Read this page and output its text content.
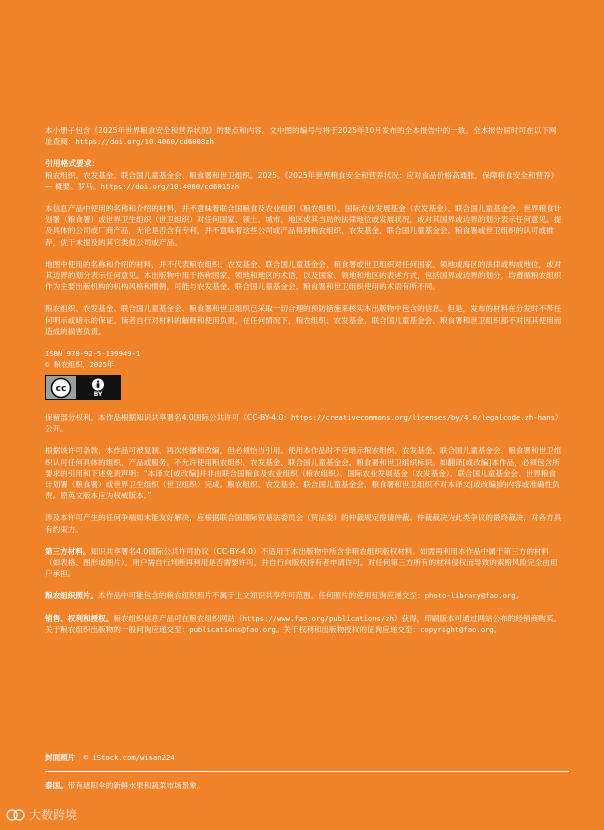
本小册子包含《2025年世界粮食安全和营养状况》的要点和内容。文中图的编号与将于2025年10月发布的全本报告中的一致。全本报告届时可在以下网址查阅：https://doi.org/10.4060/cd6008zh

引用格式要求：
粮农组织、农发基金、联合国儿童基金会、粮食署和世卫组织。2025。《2025年世界粮食安全和营养状况：应对食品价格高通胀，保障粮食安全和营养》 — 概要。罗马。https://doi.org/10.4060/cd6015zh

本信息产品中使用的名称和介绍的材料，并不意味着联合国粮食及农业组织（粮农组织）、国际农业发展基金（农发基金）、联合国儿童基金会、世界粮食计划署（粮食署）或世界卫生组织（世卫组织）对任何国家、领土、城市、地区或其当局的法律地位或发展状况，或对其国界或边界的划分表示任何意见。提及具体的公司或厂商产品，无论是否含有专利，并不意味着这些公司或产品得到粮农组织、农发基金、联合国儿童基金会、粮食署或世卫组织的认可或推荐，优于未提及的其它类似公司或产品。

地图中使用的名称和介绍的材料，并不代表粮农组织、农发基金、联合国儿童基金会、粮食署或世卫组织对任何国家、领地或海区的法律或构成地位，或对其边界的划分表示任何意见。本出版物中用于指称国家、领地和地区的术语，以及国家、领地和地区的表述方式，包括国界或边界的划分，均遵循粮农组织作为主要出版机构的机构风格和惯例，可能与农发基金、联合国儿童基金会、粮食署和世卫组织使用的术语有所不同。

粮农组织、农发基金、联合国儿童基金会、粮食署和世卫组织已采取一切合理的预防措施来核实本出版物中包含的信息。但是，发布的材料在分发时不带任何明示或暗示的保证。读者自行对材料的解释和使用负责。在任何情况下，粮农组织、农发基金、联合国儿童基金会、粮食署和世卫组织都不对因其使用而造成的损害负责。

ISBN 978-92-5-139949-1
© 粮农组织，2025年
cc
BY

保留部分权利。本作品根据知识共享署名4.0国际公共许可（CC-BY-4.0：https://creativecommons.org/licenses/by/4.0/legalcode.zh-hans）公开。

根据该许可条款，本作品可被复制、再次传播和改编，但必须恰当引用。使用本作品时不应暗示粮农组织、农发基金、联合国儿童基金会、粮食署和世卫组织认可任何具体的组织、产品或服务。不允许使用粮农组织、农发基金、联合国儿童基金会、粮食署和世卫组织标识。如翻译[或改编]本作品，必须包含所要求的引用和下述免责声明：“本译文[或改编]并非由联合国粮食及农业组织（粮农组织）、国际农业发展基金（农发基金）、联合国儿童基金会、世界粮食计划署（粮食署）或世界卫生组织（世卫组织）完成。粮农组织、农发基金、联合国儿童基金会、粮食署和世卫组织不对本译文[或改编]的内容或准确性负责。原英文版本应为权威版本。”

涉及本许可产生的任何争端如未能友好解决，应根据联合国国际贸易法委员会（贸法委）的仲裁规定提请仲裁。仲裁裁决为此类争议的最终裁决，对各方具有约束力。

第三方材料。知识共享署名4.0国际公共许可协议（CC-BY-4.0）不适用于本出版物中所含非粮农组织版权材料。如需再利用本作品中属于第三方的材料（如表格、图形或图片），用户需自行判断再利用是否需要许可，并自行向版权持有者申请许可。对任何第三方所有的材料侵权而导致的索赔风险完全由用户承担。

粮农组织照片。本作品中可能包含的粮农组织照片不属于上文知识共享许可范围。任何照片的使用征询应递交至：photo-library@fao.org。

销售、权利和授权。粮农组织信息产品可在粮农组织网站（https://www.fao.org/publications/zh）获得，印刷版本可通过网站公布的经销商购买。关于粮农组织出版物的一般问询应递交至：publications@fao.org。关于权利和出版物授权的征询应递交至：copyright@fao.org。

封面照片 © iStock.com/wisan224
泰国。带有遮阳伞的新鲜水果和蔬菜市场景象。
大数跨境
